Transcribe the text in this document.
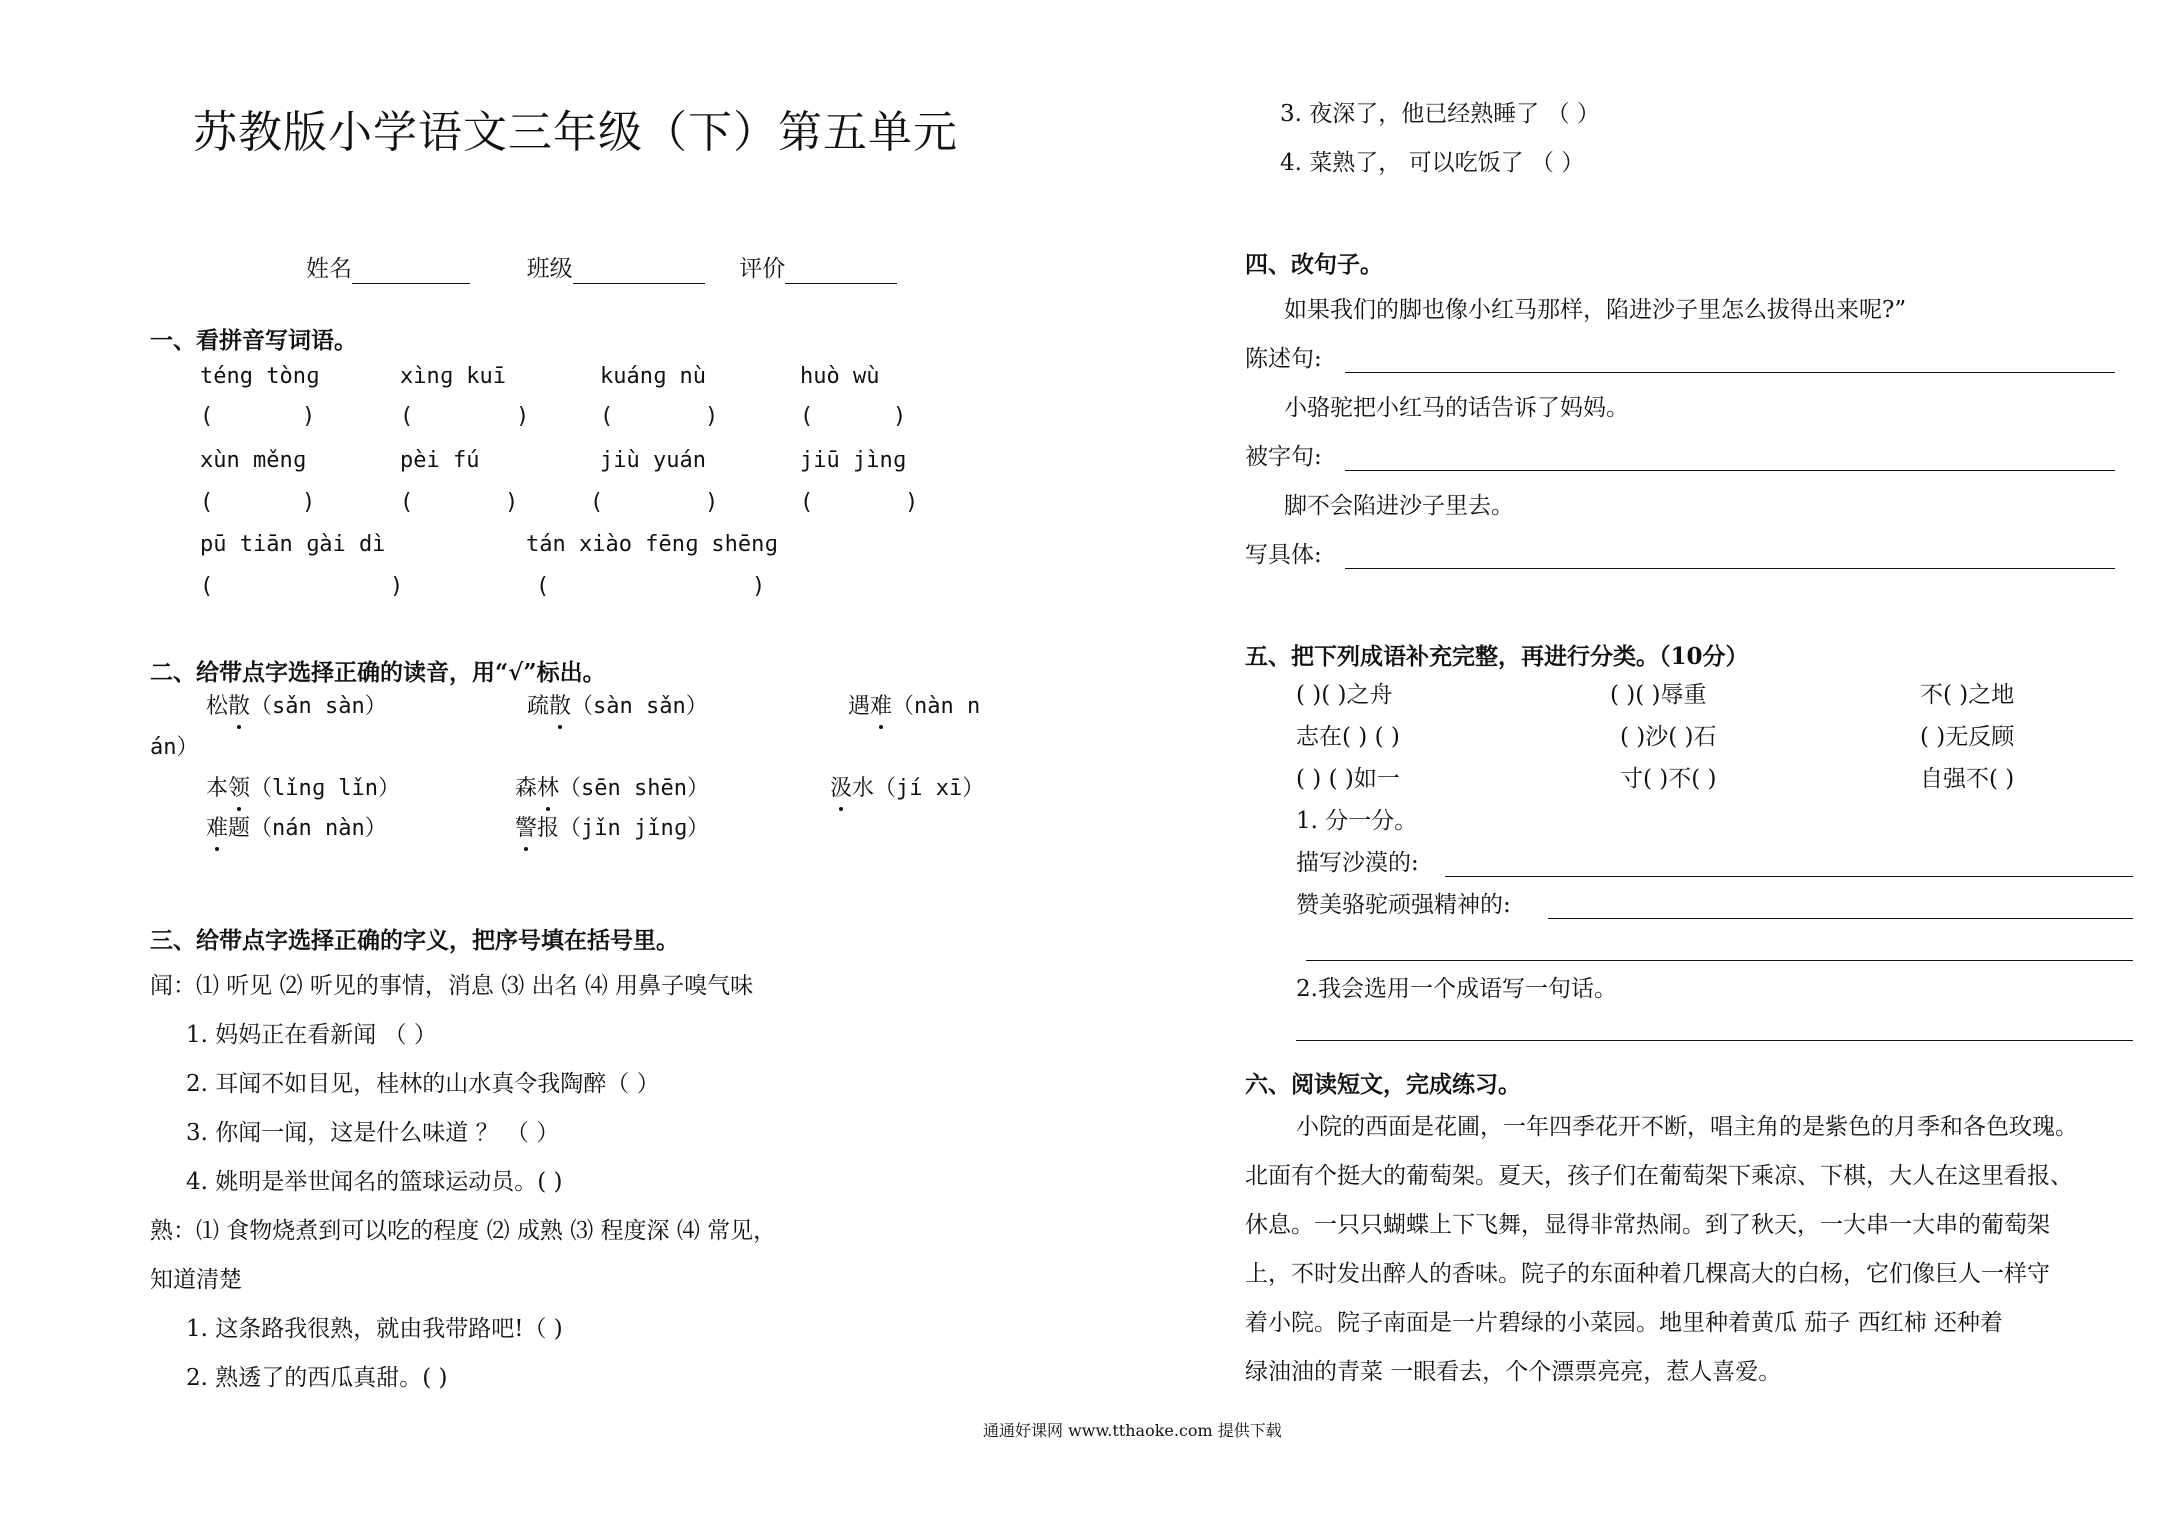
苏教版小学语文三年级（下）第五单元
姓名	班级	评价
一、看拼音写词语。
téng tònɡ	xìnɡ kuī	kuánɡ nù	huò wù
(	)	(	)	(	)	(	)
xùn měnɡ	pèi fú	jiù yuán	jiū jìnɡ
(	)	(	)	(	)	(	)
pū tiān ɡài dì	tán xiào fēnɡ shēnɡ
(	)	(	)
二、给带点字选择正确的读音，用“√”标出。
松散（sǎn sàn）	疏散（sàn sǎn）	遇难（nàn n
án）
本领（lǐnɡ lǐn）	森林（sēn shēn）	汲水（jí xī）
难题（nán nàn）	警报（jǐn jǐnɡ）
三、给带点字选择正确的字义，把序号填在括号里。
闻：⑴ 听见 ⑵ 听见的事情，消息 ⑶ 出名 ⑷ 用鼻子嗅气味
1. 妈妈正在看新闻 （ ）
2. 耳闻不如目见，桂林的山水真令我陶醉（ ）
3. 你闻一闻，这是什么味道 ？ （ ）
4. 姚明是举世闻名的篮球运动员。( )
熟：⑴ 食物烧煮到可以吃的程度 ⑵ 成熟 ⑶ 程度深 ⑷ 常见，
知道清楚
1. 这条路我很熟，就由我带路吧!（ )
2. 熟透了的西瓜真甜。( )
3. 夜深了，他已经熟睡了 （ ）
4. 菜熟了， 可以吃饭了 （ ）
四、改句子。
如果我们的脚也像小红马那样，陷进沙子里怎么拔得出来呢?”
陈述句:
小骆驼把小红马的话告诉了妈妈。
被字句:
脚不会陷进沙子里去。
写具体:
五、把下列成语补充完整，再进行分类。（10分）
( )( )之舟	( )( )辱重	不( )之地
志在( ) ( )	( )沙( )石	( )无反顾
( ) ( )如一	寸( )不( )	自强不( )
1. 分一分。
描写沙漠的:
赞美骆驼顽强精神的:
2.我会选用一个成语写一句话。
六、阅读短文，完成练习。
小院的西面是花圃，一年四季花开不断，唱主角的是紫色的月季和各色玫瑰。
北面有个挺大的葡萄架。夏天，孩子们在葡萄架下乘凉、下棋，大人在这里看报、
休息。一只只蝴蝶上下飞舞，显得非常热闹。到了秋天，一大串一大串的葡萄架
上，不时发出醉人的香味。院子的东面种着几棵高大的白杨，它们像巨人一样守
着小院。院子南面是一片碧绿的小菜园。地里种着黄瓜 茄子 西红柿 还种着
绿油油的青菜 一眼看去，个个漂票亮亮，惹人喜爱。
通通好课网 www.tthaoke.com 提供下载
